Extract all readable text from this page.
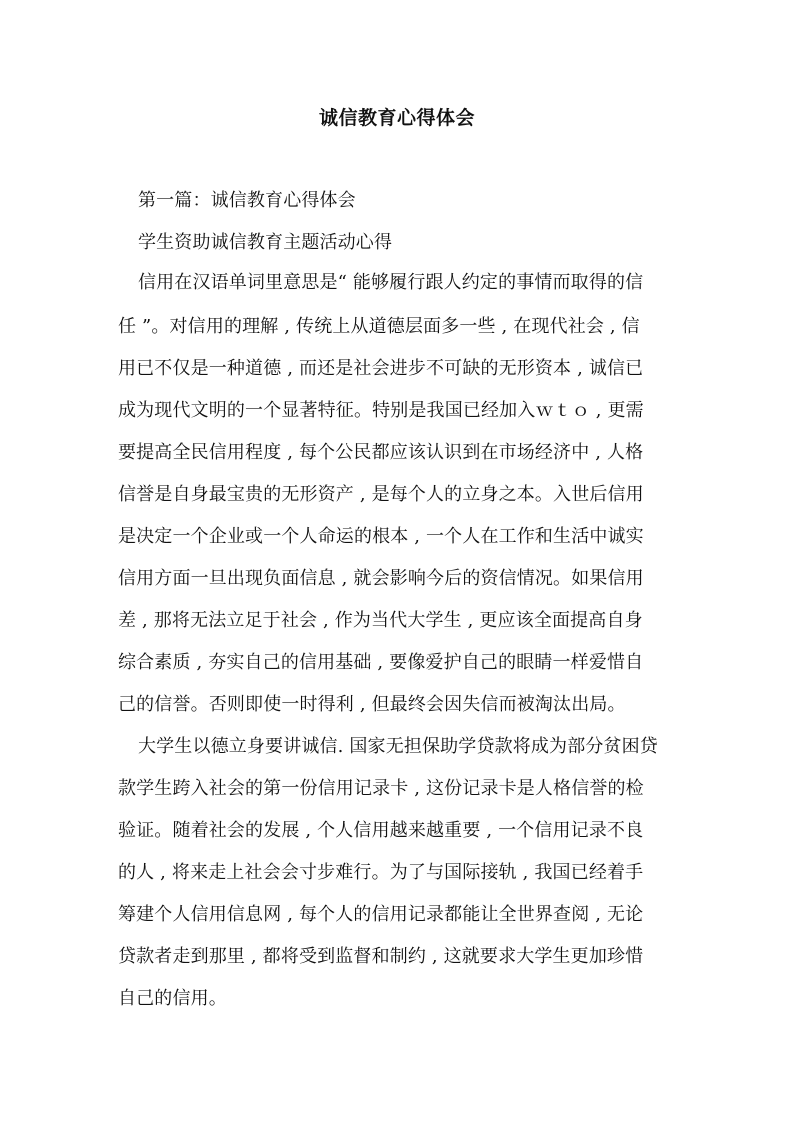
诚信教育心得体会
第一篇：诚信教育心得体会
学生资助诚信教育主题活动心得
信用在汉语单词里意思是“ 能够履行跟人约定的事情而取得的信
任 ”。对信用的理解 , 传统上从道德层面多一些 , 在现代社会 , 信
用已不仅是一种道德 , 而还是社会进步不可缺的无形资本 , 诚信已
成为现代文明的一个显著特征。特别是我国已经加入ｗｔｏ , 更需
要提高全民信用程度 , 每个公民都应该认识到在市场经济中 , 人格
信誉是自身最宝贵的无形资产 , 是每个人的立身之本。入世后信用
是决定一个企业或一个人命运的根本 , 一个人在工作和生活中诚实
信用方面一旦出现负面信息 , 就会影响今后的资信情况。如果信用
差 , 那将无法立足于社会 , 作为当代大学生 , 更应该全面提高自身
综合素质 , 夯实自己的信用基础 , 要像爱护自己的眼睛一样爱惜自
己的信誉。否则即使一时得利 , 但最终会因失信而被淘汰出局。
大学生以德立身要讲诚信. 国家无担保助学贷款将成为部分贫困贷
款学生跨入社会的第一份信用记录卡 , 这份记录卡是人格信誉的检
验证。随着社会的发展 , 个人信用越来越重要 , 一个信用记录不良
的人 , 将来走上社会会寸步难行。为了与国际接轨 , 我国已经着手
筹建个人信用信息网 , 每个人的信用记录都能让全世界查阅 , 无论
贷款者走到那里 , 都将受到监督和制约 , 这就要求大学生更加珍惜
自己的信用。
